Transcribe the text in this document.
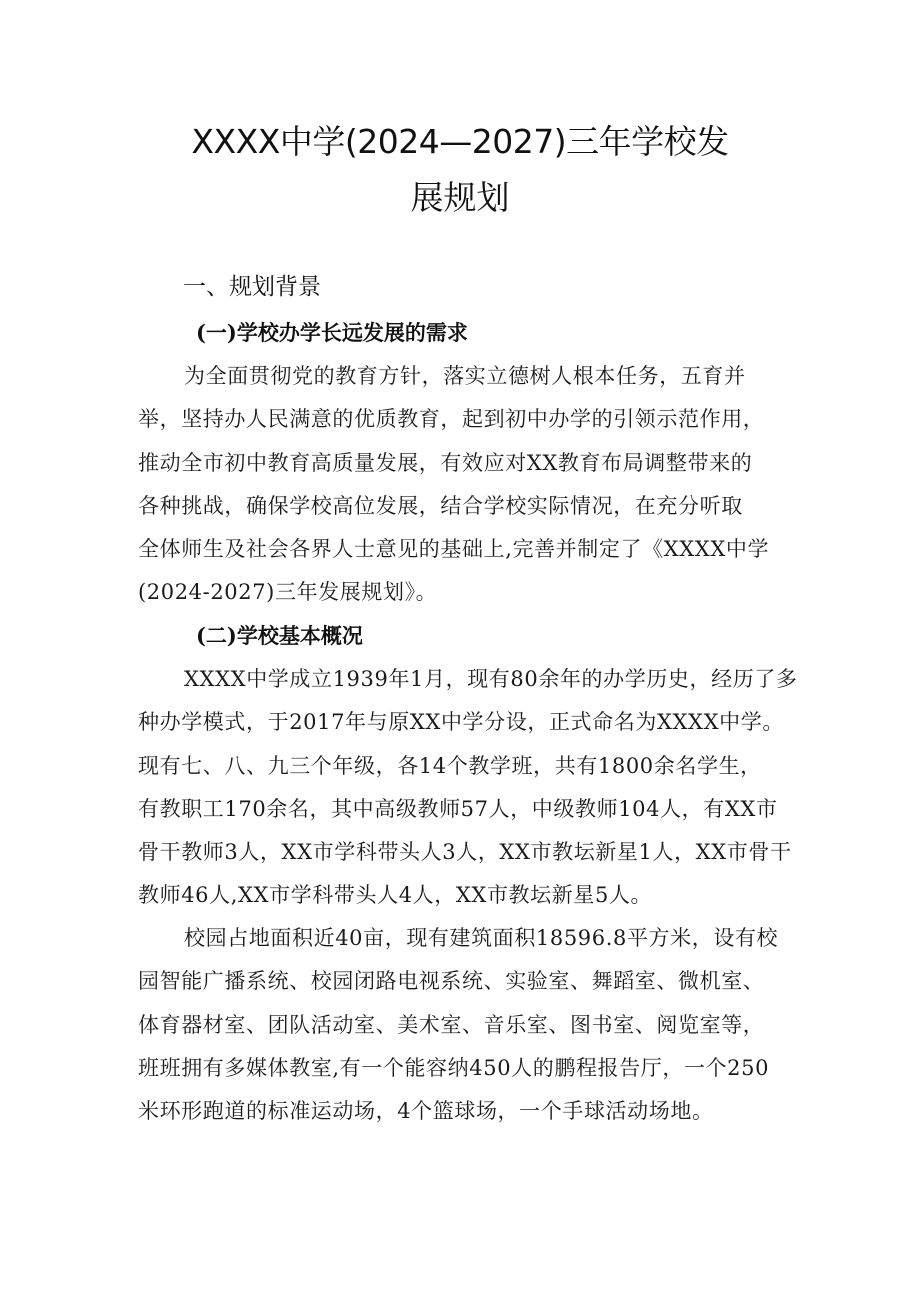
XXXX中学(2024—2027)三年学校发
展规划
一、规划背景
(一)学校办学长远发展的需求
为全面贯彻党的教育方针，落实立德树人根本任务，五育并
举，坚持办人民满意的优质教育，起到初中办学的引领示范作用，
推动全市初中教育高质量发展，有效应对XX教育布局调整带来的
各种挑战，确保学校高位发展，结合学校实际情况，在充分听取
全体师生及社会各界人士意见的基础上,完善并制定了《XXXX中学
(2024-2027)三年发展规划》。
(二)学校基本概况
XXXX中学成立1939年1月，现有80余年的办学历史，经历了多
种办学模式，于2017年与原XX中学分设，正式命名为XXXX中学。
现有七、八、九三个年级，各14个教学班，共有1800余名学生，
有教职工170余名，其中高级教师57人，中级教师104人，有XX市
骨干教师3人，XX市学科带头人3人，XX市教坛新星1人，XX市骨干
教师46人,XX市学科带头人4人，XX市教坛新星5人。
校园占地面积近40亩，现有建筑面积18596.8平方米，设有校
园智能广播系统、校园闭路电视系统、实验室、舞蹈室、微机室、
体育器材室、团队活动室、美术室、音乐室、图书室、阅览室等，
班班拥有多媒体教室,有一个能容纳450人的鹏程报告厅，一个250
米环形跑道的标准运动场，4个篮球场，一个手球活动场地。
